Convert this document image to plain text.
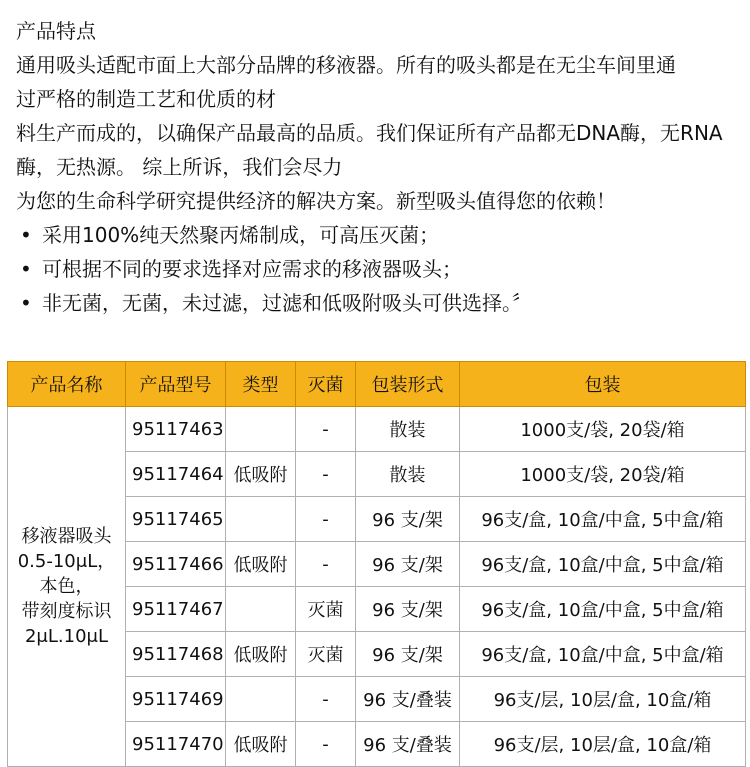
产品特点
通用吸头适配市面上大部分品牌的移液器。所有的吸头都是在无尘车间里通
过严格的制造工艺和优质的材
料生产而成的，以确保产品最高的品质。我们保证所有产品都无DNA酶，无RNA
酶，无热源。 综上所诉，我们会尽力
为您的生命科学研究提供经济的解决方案。新型吸头值得您的依赖！
• 采用100%纯天然聚丙烯制成，可高压灭菌；
• 可根据不同的要求选择对应需求的移液器吸头；
• 非无菌，无菌，未过滤，过滤和低吸附吸头可供选择。〞
产品名称	产品型号	类型	灭菌	包装形式	包装

移液器吸头
0.5-10μL，
本色，
带刻度标识
2μL.10μL	95117463		-	散装	1000支/袋, 20袋/箱
	95117464	低吸附	-	散装	1000支/袋, 20袋/箱
	95117465		-	96 支/架	96支/盒, 10盒/中盒, 5中盒/箱
	95117466	低吸附	-	96 支/架	96支/盒, 10盒/中盒, 5中盒/箱
	95117467		灭菌	96 支/架	96支/盒, 10盒/中盒, 5中盒/箱
	95117468	低吸附	灭菌	96 支/架	96支/盒, 10盒/中盒, 5中盒/箱
	95117469		-	96 支/叠装	96支/层, 10层/盒, 10盒/箱
	95117470	低吸附	-	96 支/叠装	96支/层, 10层/盒, 10盒/箱
